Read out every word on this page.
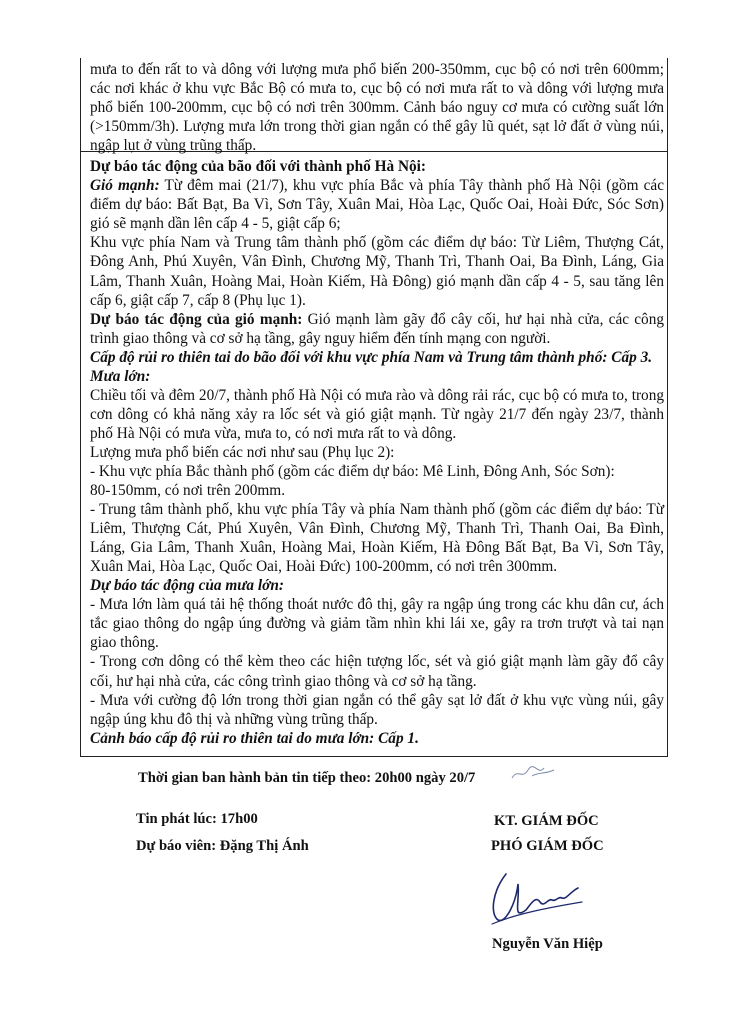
mưa to đến rất to và dông với lượng mưa phổ biến 200-350mm, cục bộ có nơi trên 600mm; các nơi khác ở khu vực Bắc Bộ có mưa to, cục bộ có nơi mưa rất to và dông với lượng mưa phổ biến 100-200mm, cục bộ có nơi trên 300mm. Cảnh báo nguy cơ mưa có cường suất lớn (>150mm/3h). Lượng mưa lớn trong thời gian ngắn có thể gây lũ quét, sạt lở đất ở vùng núi, ngập lụt ở vùng trũng thấp.

Dự báo tác động của bão đối với thành phố Hà Nội:

Gió mạnh: Từ đêm mai (21/7), khu vực phía Bắc và phía Tây thành phố Hà Nội (gồm các điểm dự báo: Bất Bạt, Ba Vì, Sơn Tây, Xuân Mai, Hòa Lạc, Quốc Oai, Hoài Đức, Sóc Sơn) gió sẽ mạnh dần lên cấp 4 - 5, giật cấp 6;

Khu vực phía Nam và Trung tâm thành phố (gồm các điểm dự báo: Từ Liêm, Thượng Cát, Đông Anh, Phú Xuyên, Vân Đình, Chương Mỹ, Thanh Trì, Thanh Oai, Ba Đình, Láng, Gia Lâm, Thanh Xuân, Hoàng Mai, Hoàn Kiếm, Hà Đông) gió mạnh dần cấp 4 - 5, sau tăng lên cấp 6, giật cấp 7, cấp 8 (Phụ lục 1).

Dự báo tác động của gió mạnh: Gió mạnh làm gãy đổ cây cối, hư hại nhà cửa, các công trình giao thông và cơ sở hạ tầng, gây nguy hiểm đến tính mạng con người.

Cấp độ rủi ro thiên tai do bão đối với khu vực phía Nam và Trung tâm thành phố: Cấp 3.

Mưa lớn:

Chiều tối và đêm 20/7, thành phố Hà Nội có mưa rào và dông rải rác, cục bộ có mưa to, trong cơn dông có khả năng xảy ra lốc sét và gió giật mạnh. Từ ngày 21/7 đến ngày 23/7, thành phố Hà Nội có mưa vừa, mưa to, có nơi mưa rất to và dông.

Lượng mưa phổ biến các nơi như sau (Phụ lục 2):

- Khu vực phía Bắc thành phố (gồm các điểm dự báo: Mê Linh, Đông Anh, Sóc Sơn):

80-150mm, có nơi trên 200mm.

- Trung tâm thành phố, khu vực phía Tây và phía Nam thành phố (gồm các điểm dự báo: Từ Liêm, Thượng Cát, Phú Xuyên, Vân Đình, Chương Mỹ, Thanh Trì, Thanh Oai, Ba Đình, Láng, Gia Lâm, Thanh Xuân, Hoàng Mai, Hoàn Kiếm, Hà Đông Bất Bạt, Ba Vì, Sơn Tây, Xuân Mai, Hòa Lạc, Quốc Oai, Hoài Đức) 100-200mm, có nơi trên 300mm.

Dự báo tác động của mưa lớn:

- Mưa lớn làm quá tải hệ thống thoát nước đô thị, gây ra ngập úng trong các khu dân cư, ách tắc giao thông do ngập úng đường và giảm tầm nhìn khi lái xe, gây ra trơn trượt và tai nạn giao thông.

- Trong cơn dông có thể kèm theo các hiện tượng lốc, sét và gió giật mạnh làm gãy đổ cây cối, hư hại nhà cửa, các công trình giao thông và cơ sở hạ tầng.

- Mưa với cường độ lớn trong thời gian ngắn có thể gây sạt lở đất ở khu vực vùng núi, gây ngập úng khu đô thị và những vùng trũng thấp.

Cảnh báo cấp độ rủi ro thiên tai do mưa lớn: Cấp 1.

Thời gian ban hành bản tin tiếp theo: 20h00 ngày 20/7
Tin phát lúc: 17h00
Dự báo viên: Đặng Thị Ánh
KT. GIÁM ĐỐC
PHÓ GIÁM ĐỐC
Nguyễn Văn Hiệp
